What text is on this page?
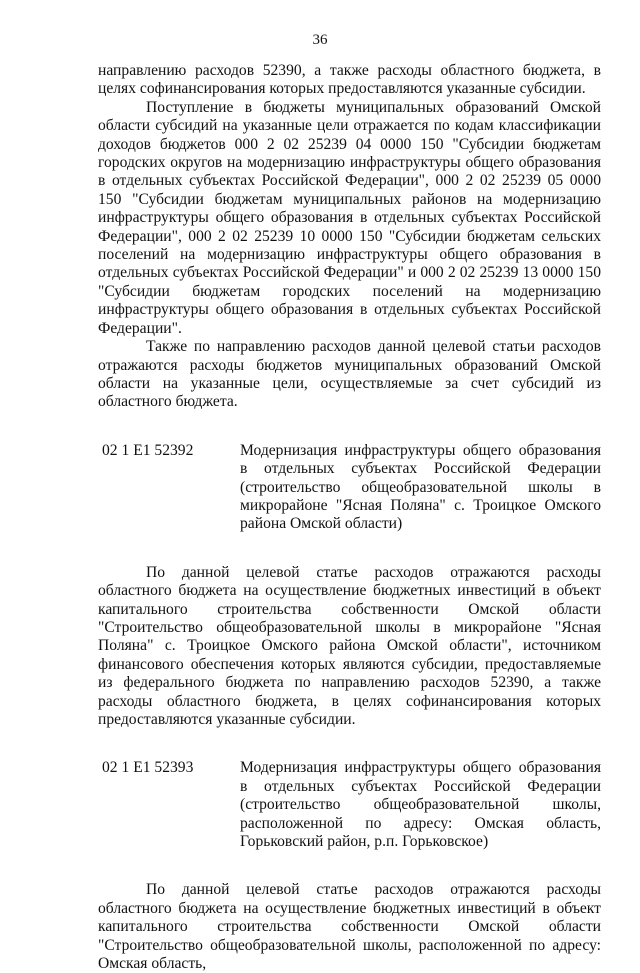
36

направлению расходов 52390, а также расходы областного бюджета, в целях софинансирования которых предоставляются указанные субсидии.

Поступление в бюджеты муниципальных образований Омской области субсидий на указанные цели отражается по кодам классификации доходов бюджетов 000 2 02 25239 04 0000 150 "Субсидии бюджетам городских округов на модернизацию инфраструктуры общего образования в отдельных субъектах Российской Федерации", 000 2 02 25239 05 0000 150 "Субсидии бюджетам муниципальных районов на модернизацию инфраструктуры общего образования в отдельных субъектах Российской Федерации", 000 2 02 25239 10 0000 150 "Субсидии бюджетам сельских поселений на модернизацию инфраструктуры общего образования в отдельных субъектах Российской Федерации" и 000 2 02 25239 13 0000 150 "Субсидии бюджетам городских поселений на модернизацию инфраструктуры общего образования в отдельных субъектах Российской Федерации".

Также по направлению расходов данной целевой статьи расходов отражаются расходы бюджетов муниципальных образований Омской области на указанные цели, осуществляемые за счет субсидий из областного бюджета.

02 1 E1 52392	Модернизация инфраструктуры общего образования в отдельных субъектах Российской Федерации (строительство общеобразовательной школы в микрорайоне "Ясная Поляна" с. Троицкое Омского района Омской области)

По данной целевой статье расходов отражаются расходы областного бюджета на осуществление бюджетных инвестиций в объект капитального строительства собственности Омской области "Строительство общеобразовательной школы в микрорайоне "Ясная Поляна" с. Троицкое Омского района Омской области", источником финансового обеспечения которых являются субсидии, предоставляемые из федерального бюджета по направлению расходов 52390, а также расходы областного бюджета, в целях софинансирования которых предоставляются указанные субсидии.

02 1 E1 52393	Модернизация инфраструктуры общего образования в отдельных субъектах Российской Федерации (строительство общеобразовательной школы, расположенной по адресу: Омская область, Горьковский район, р.п. Горьковское)

По данной целевой статье расходов отражаются расходы областного бюджета на осуществление бюджетных инвестиций в объект капитального строительства собственности Омской области "Строительство общеобразовательной школы, расположенной по адресу: Омская область,
